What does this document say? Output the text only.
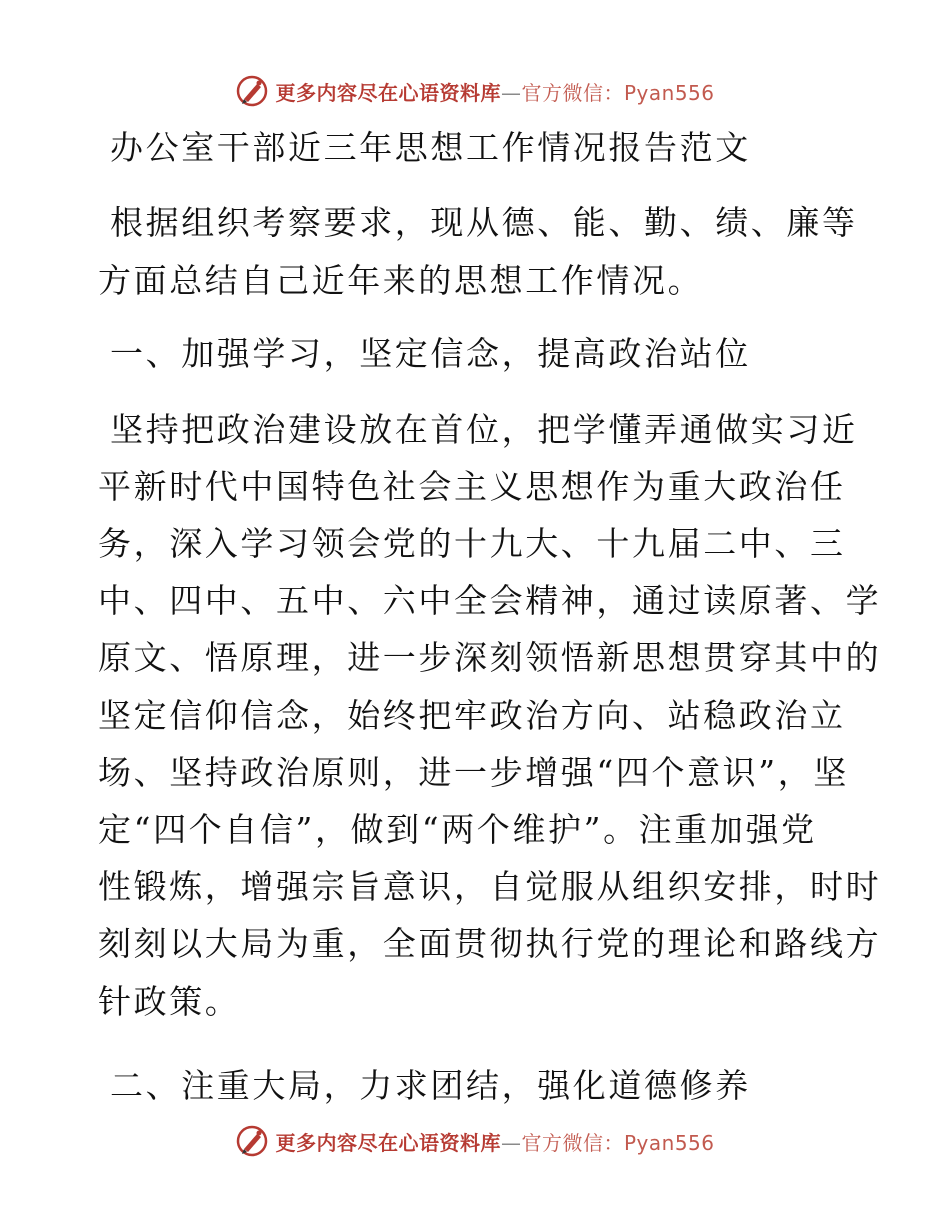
更多内容尽在心语资料库—官方微信：Pyan556
办公室干部近三年思想工作情况报告范文
根据组织考察要求，现从德、能、勤、绩、廉等
方面总结自己近年来的思想工作情况。
一、加强学习，坚定信念，提高政治站位
坚持把政治建设放在首位，把学懂弄通做实习近
平新时代中国特色社会主义思想作为重大政治任
务，深入学习领会党的十九大、十九届二中、三
中、四中、五中、六中全会精神，通过读原著、学
原文、悟原理，进一步深刻领悟新思想贯穿其中的
坚定信仰信念，始终把牢政治方向、站稳政治立
场、坚持政治原则，进一步增强“四个意识”，坚
定“四个自信”，做到“两个维护”。注重加强党
性锻炼，增强宗旨意识，自觉服从组织安排，时时
刻刻以大局为重，全面贯彻执行党的理论和路线方
针政策。
二、注重大局，力求团结，强化道德修养
更多内容尽在心语资料库—官方微信：Pyan556
